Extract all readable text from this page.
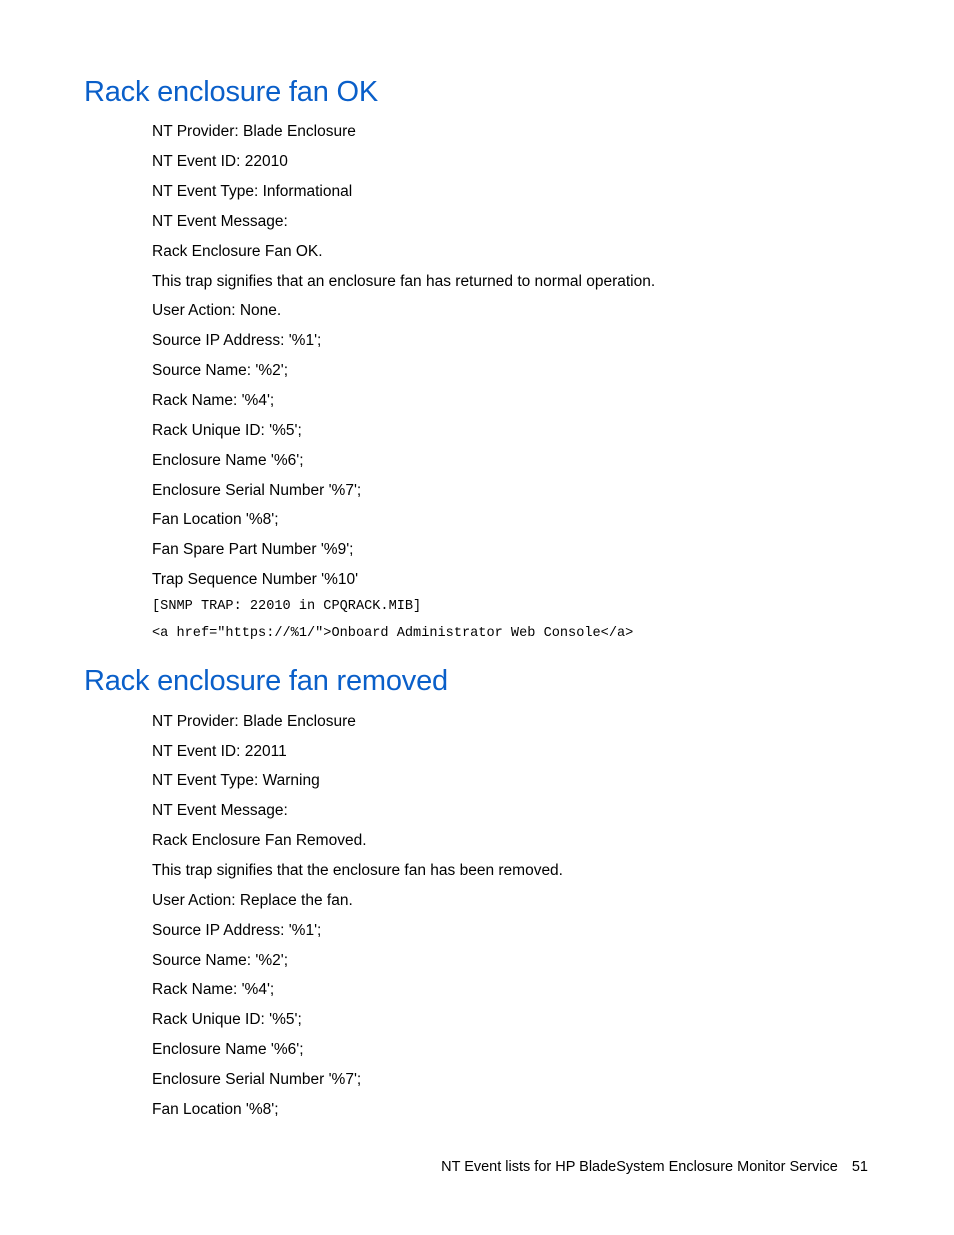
Rack enclosure fan OK
NT Provider: Blade Enclosure
NT Event ID: 22010
NT Event Type: Informational
NT Event Message:
Rack Enclosure Fan OK.
This trap signifies that an enclosure fan has returned to normal operation.
User Action: None.
Source IP Address: '%1';
Source Name: '%2';
Rack Name: '%4';
Rack Unique ID: '%5';
Enclosure Name '%6';
Enclosure Serial Number '%7';
Fan Location '%8';
Fan Spare Part Number '%9';
Trap Sequence Number '%10'
[SNMP TRAP: 22010 in CPQRACK.MIB]
<a href="https://%1/">Onboard Administrator Web Console</a>
Rack enclosure fan removed
NT Provider: Blade Enclosure
NT Event ID: 22011
NT Event Type: Warning
NT Event Message:
Rack Enclosure Fan Removed.
This trap signifies that the enclosure fan has been removed.
User Action: Replace the fan.
Source IP Address: '%1';
Source Name: '%2';
Rack Name: '%4';
Rack Unique ID: '%5';
Enclosure Name '%6';
Enclosure Serial Number '%7';
Fan Location '%8';
NT Event lists for HP BladeSystem Enclosure Monitor Service 51
